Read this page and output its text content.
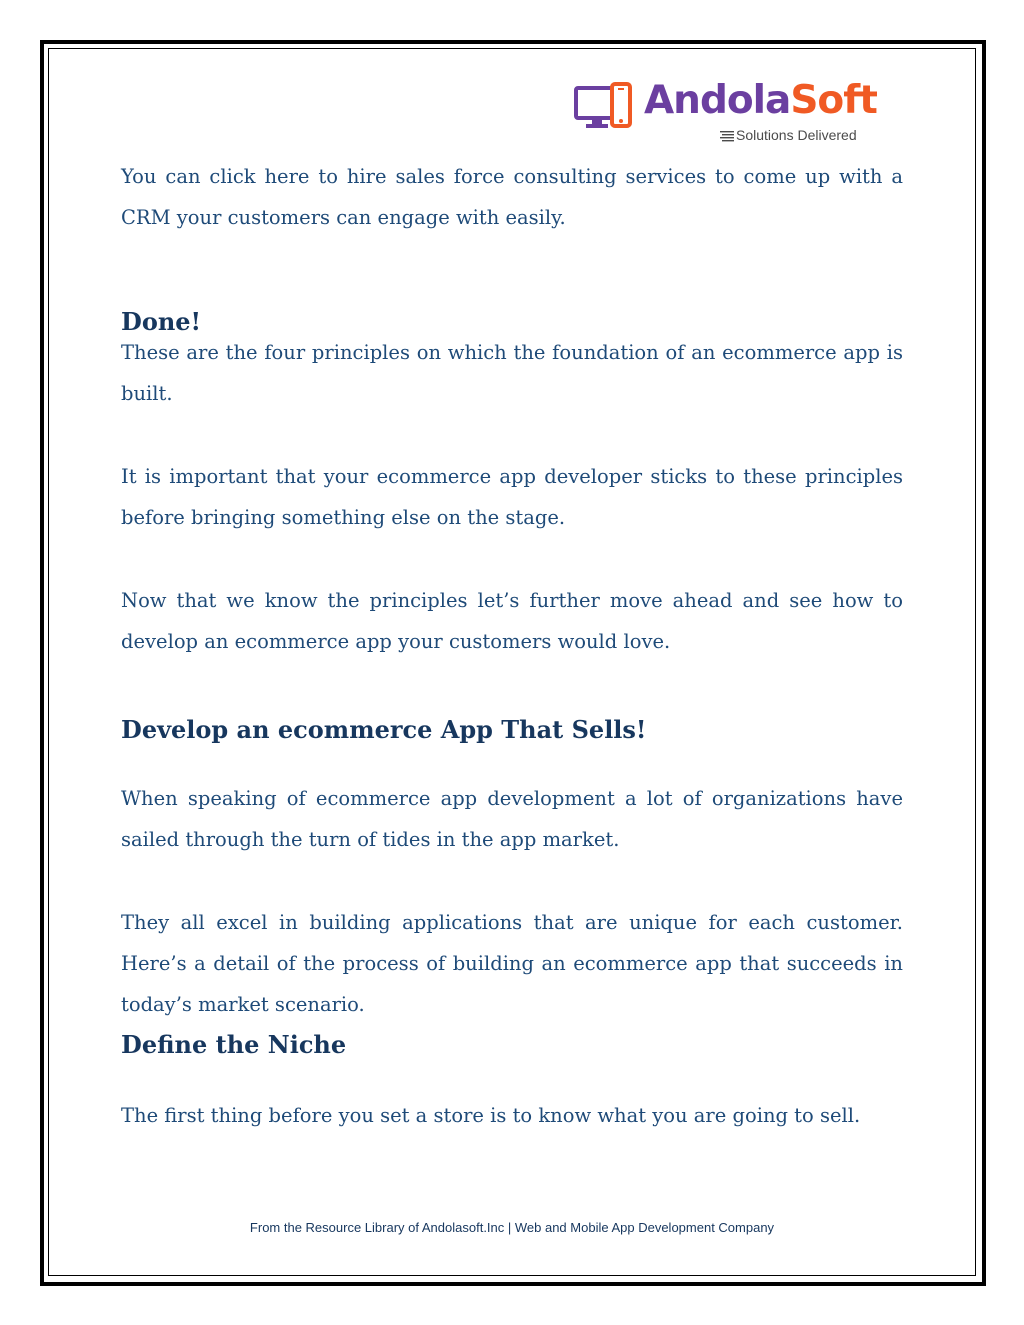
AndolaSoft
Solutions Delivered

You can click here to hire sales force consulting services to come up with a CRM your customers can engage with easily.

Done!

These are the four principles on which the foundation of an ecommerce app is built.

It is important that your ecommerce app developer sticks to these principles before bringing something else on the stage.

Now that we know the principles let’s further move ahead and see how to develop an ecommerce app your customers would love.

Develop an ecommerce App That Sells!

When speaking of ecommerce app development a lot of organizations have sailed through the turn of tides in the app market.

They all excel in building applications that are unique for each customer. Here’s a detail of the process of building an ecommerce app that succeeds in today’s market scenario.

Define the Niche

The first thing before you set a store is to know what you are going to sell.

From the Resource Library of Andolasoft.Inc | Web and Mobile App Development Company
